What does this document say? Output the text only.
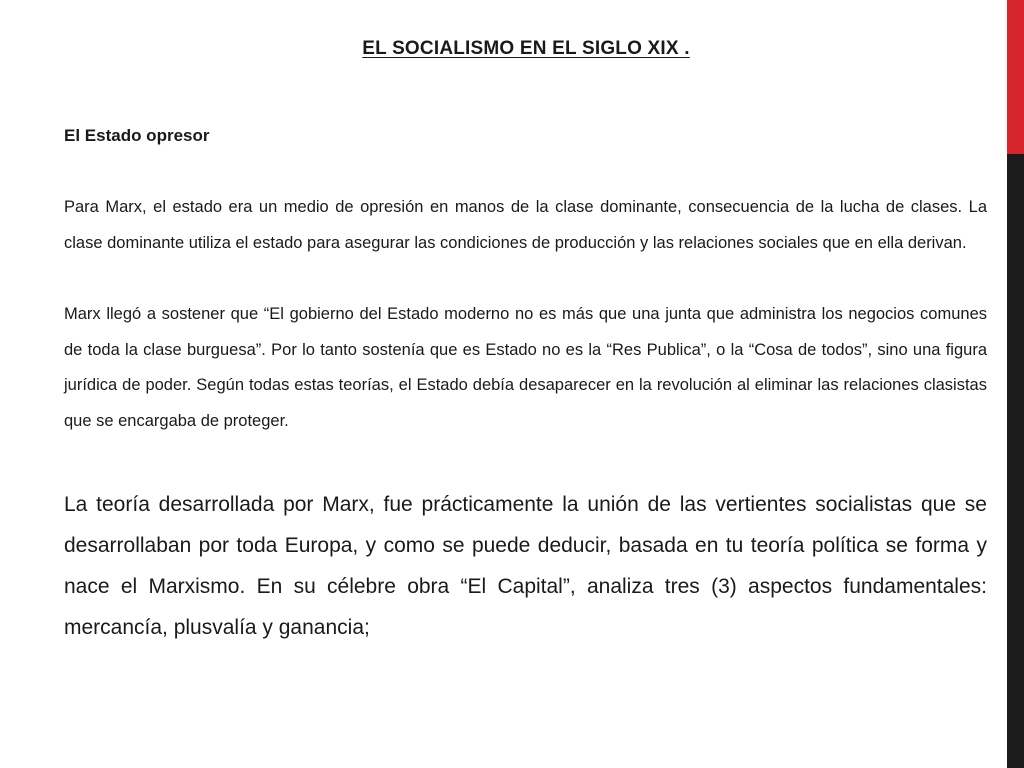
EL SOCIALISMO EN EL SIGLO XIX .
El Estado opresor

Para Marx, el estado era un medio de opresión en manos de la clase dominante, consecuencia de la lucha de clases. La clase dominante utiliza el estado para asegurar las condiciones de producción y las relaciones sociales que en ella derivan.

Marx llegó a sostener que “El gobierno del Estado moderno no es más que una junta que administra los negocios comunes de toda la clase burguesa”. Por lo tanto sostenía que es Estado no es la “Res Publica”, o la “Cosa de todos”, sino una figura jurídica de poder. Según todas estas teorías, el Estado debía desaparecer en la revolución al eliminar las relaciones clasistas que se encargaba de proteger.

La teoría desarrollada por Marx, fue prácticamente la unión de las vertientes socialistas que se desarrollaban por toda Europa, y como se puede deducir, basada en tu teoría política se forma y nace el Marxismo. En su célebre obra “El Capital”, analiza tres (3) aspectos fundamentales: mercancía, plusvalía y ganancia;
